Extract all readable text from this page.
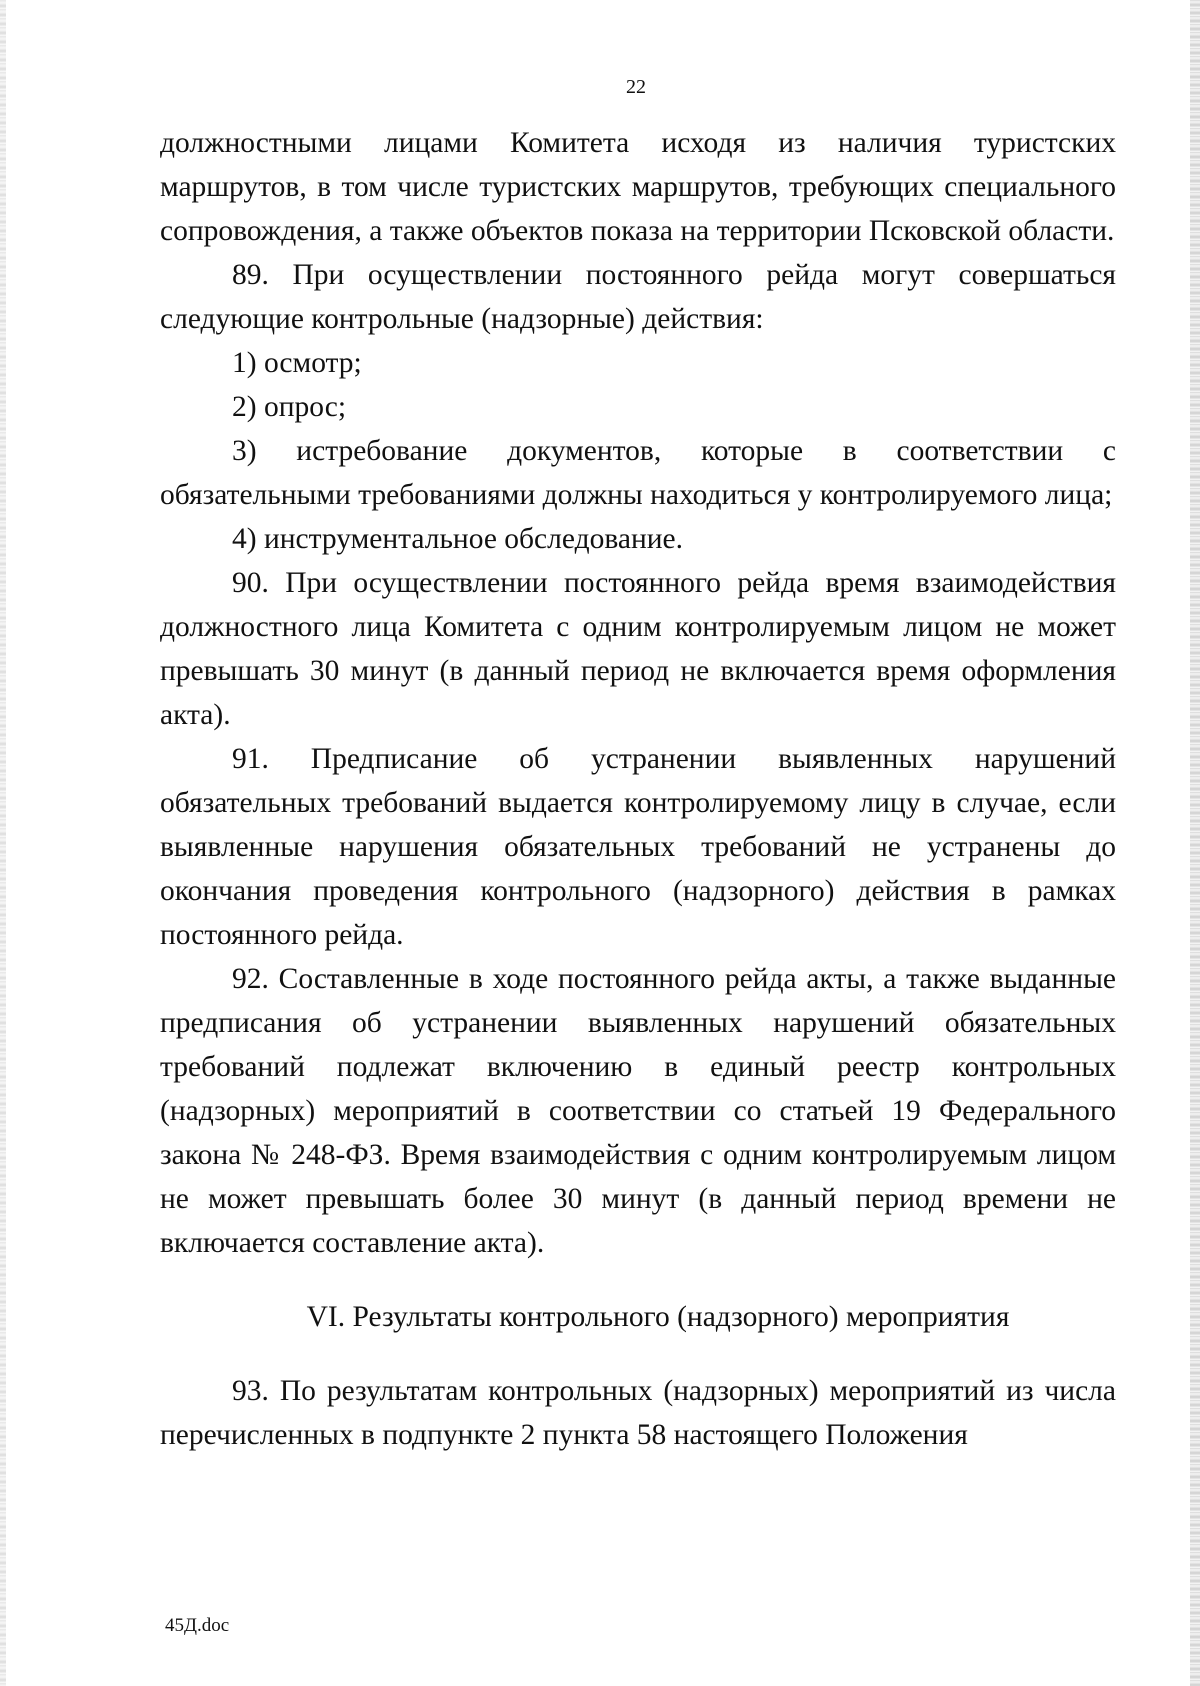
22

должностными лицами Комитета исходя из наличия туристских маршрутов, в том числе туристских маршрутов, требующих специального сопровождения, а также объектов показа на территории Псковской области.

89. При осуществлении постоянного рейда могут совершаться следующие контрольные (надзорные) действия:

1) осмотр;

2) опрос;

3) истребование документов, которые в соответствии с обязательными требованиями должны находиться у контролируемого лица;

4) инструментальное обследование.

90. При осуществлении постоянного рейда время взаимодействия должностного лица Комитета с одним контролируемым лицом не может превышать 30 минут (в данный период не включается время оформления акта).

91. Предписание об устранении выявленных нарушений обязательных требований выдается контролируемому лицу в случае, если выявленные нарушения обязательных требований не устранены до окончания проведения контрольного (надзорного) действия в рамках постоянного рейда.

92. Составленные в ходе постоянного рейда акты, а также выданные предписания об устранении выявленных нарушений обязательных требований подлежат включению в единый реестр контрольных (надзорных) мероприятий в соответствии со статьей 19 Федерального закона № 248-ФЗ. Время взаимодействия с одним контролируемым лицом не может превышать более 30 минут (в данный период времени не включается составление акта).

VI. Результаты контрольного (надзорного) мероприятия

93. По результатам контрольных (надзорных) мероприятий из числа перечисленных в подпункте 2 пункта 58 настоящего Положения

45Д.doc
